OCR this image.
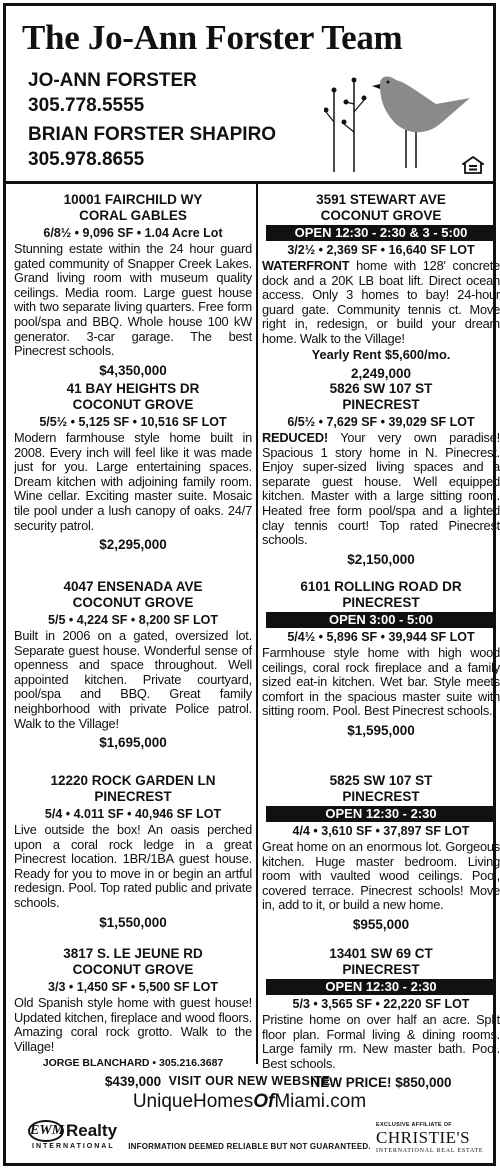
The Jo-Ann Forster Team
JO-ANN FORSTER
305.778.5555
BRIAN FORSTER SHAPIRO
305.978.8655
10001 FAIRCHILD WY
CORAL GABLES
6/8½ • 9,096 SF • 1.04 Acre Lot
Stunning estate within the 24 hour guard gated community of Snapper Creek Lakes. Grand living room with museum quality ceilings. Media room. Large guest house with two separate living quarters. Free form pool/spa and BBQ. Whole house 100 kW generator. 3-car garage. The best Pinecrest schools.
$4,350,000
3591 STEWART AVE
COCONUT GROVE
OPEN 12:30 - 2:30 & 3 - 5:00
3/2½ • 2,369 SF • 16,640 SF LOT
WATERFRONT home with 128' concrete dock and a 20K LB boat lift. Direct ocean access. Only 3 homes to bay! 24-hour guard gate. Community tennis ct. Move right in, redesign, or build your dream home. Walk to the Village!
Yearly Rent $5,600/mo.
2,249,000
41 BAY HEIGHTS DR
COCONUT GROVE
5/5½ • 5,125 SF • 10,516 SF LOT
Modern farmhouse style home built in 2008. Every inch will feel like it was made just for you. Large entertaining spaces. Dream kitchen with adjoining family room. Wine cellar. Exciting master suite. Mosaic tile pool under a lush canopy of oaks. 24/7 security patrol.
$2,295,000
5826 SW 107 ST
PINECREST
6/5½ • 7,629 SF • 39,029 SF LOT
REDUCED! Your very own paradise! Spacious 1 story home in N. Pinecrest. Enjoy super-sized living spaces and a separate guest house. Well equipped kitchen. Master with a large sitting room. Heated free form pool/spa and a lighted clay tennis court! Top rated Pinecrest schools.
$2,150,000
4047 ENSENADA AVE
COCONUT GROVE
5/5 • 4,224 SF • 8,200 SF LOT
Built in 2006 on a gated, oversized lot. Separate guest house. Wonderful sense of openness and space throughout. Well appointed kitchen. Private courtyard, pool/spa and BBQ. Great family neighborhood with private Police patrol. Walk to the Village!
$1,695,000
6101 ROLLING ROAD DR
PINECREST
OPEN 3:00 - 5:00
5/4½ • 5,896 SF • 39,944 SF LOT
Farmhouse style home with high wood ceilings, coral rock fireplace and a family sized eat-in kitchen. Wet bar. Style meets comfort in the spacious master suite with sitting room. Pool. Best Pinecrest schools.
$1,595,000
12220 ROCK GARDEN LN
PINECREST
5/4 • 4.011 SF • 40,946 SF LOT
Live outside the box! An oasis perched upon a coral rock ledge in a great Pinecrest location. 1BR/1BA guest house. Ready for you to move in or begin an artful redesign. Pool. Top rated public and private schools.
$1,550,000
5825 SW 107 ST
PINECREST
OPEN 12:30 - 2:30
4/4 • 3,610 SF • 37,897 SF LOT
Great home on an enormous lot. Gorgeous kitchen. Huge master bedroom. Living room with vaulted wood ceilings. Pool, covered terrace. Pinecrest schools! Move in, add to it, or build a new home.
$955,000
3817 S. LE JEUNE RD
COCONUT GROVE
3/3 • 1,450 SF • 5,500 SF LOT
Old Spanish style home with guest house! Updated kitchen, fireplace and wood floors. Amazing coral rock grotto. Walk to the Village!
JORGE BLANCHARD • 305.216.3687
$439,000
13401 SW 69 CT
PINECREST
OPEN 12:30 - 2:30
5/3 • 3,565 SF • 22,220 SF LOT
Pristine home on over half an acre. Split floor plan. Formal living & dining rooms. Large family rm. New master bath. Pool. Best schools.
NEW PRICE! $850,000
VISIT OUR NEW WEBSITE
UniqueHomesOfMiami.com
INFORMATION DEEMED RELIABLE BUT NOT GUARANTEED.
EWM Realty
INTERNATIONAL
EXCLUSIVE AFFILIATE OF
CHRISTIE'S
INTERNATIONAL REAL ESTATE
